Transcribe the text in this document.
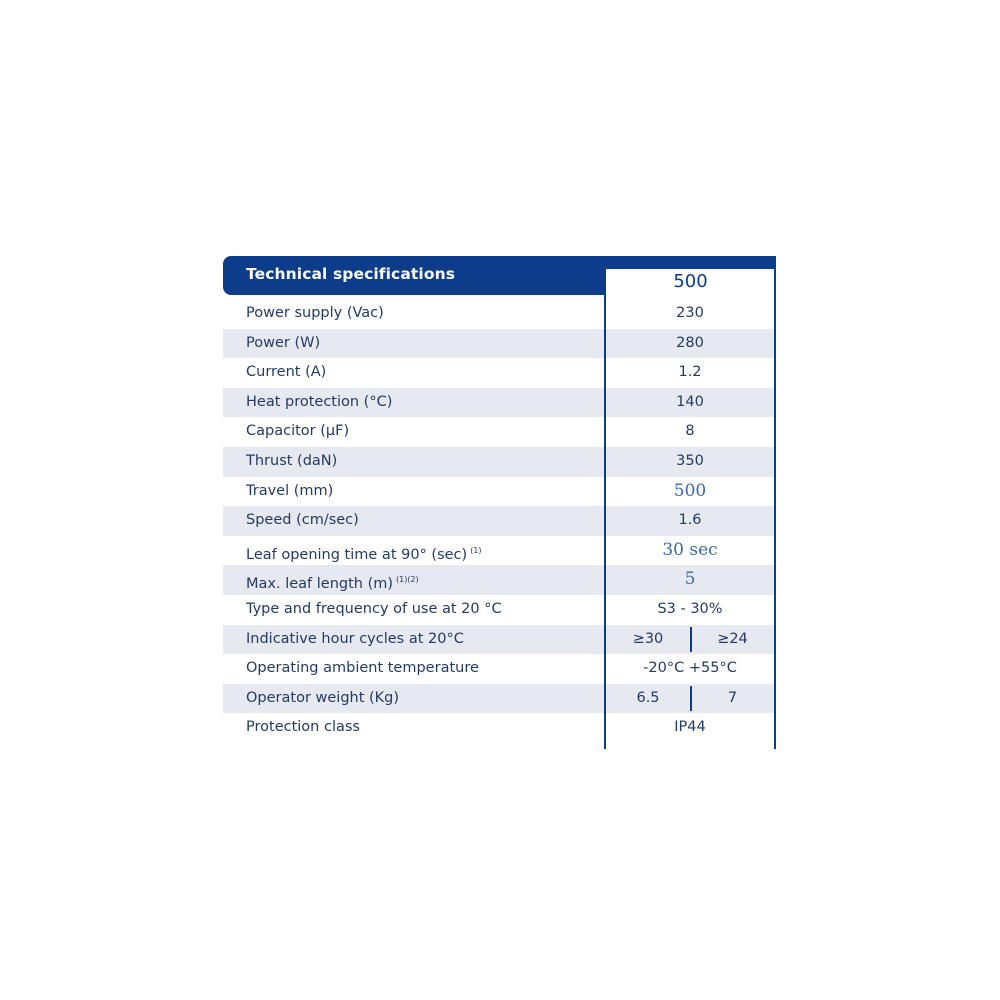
Technical specifications	500
Power supply (Vac)	230
Power (W)	280
Current (A)	1.2
Heat protection (°C)	140
Capacitor (µF)	8
Thrust (daN)	350
Travel (mm)	500
Speed (cm/sec)	1.6
Leaf opening time at 90° (sec) $^{(1)}$	30 sec
Max. leaf length (m) $^{(1)(2)}$	5
Type and frequency of use at 20 °C	S3 - 30%
Indicative hour cycles at 20°C	≥30	≥24
Operating ambient temperature	-20°C +55°C
Operator weight (Kg)	6.5	7
Protection class	IP44
